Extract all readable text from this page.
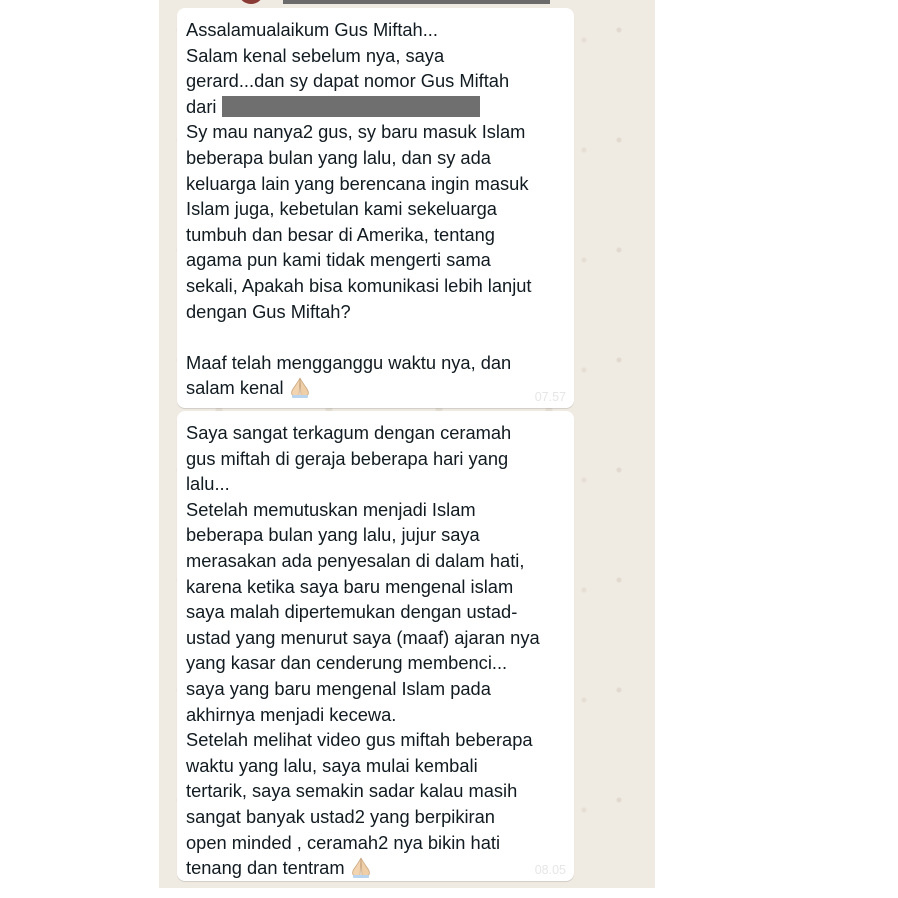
Assalamualaikum Gus Miftah...
Salam kenal sebelum nya, saya
gerard...dan sy dapat nomor Gus Miftah
dari
Sy mau nanya2 gus, sy baru masuk Islam
beberapa bulan yang lalu, dan sy ada
keluarga lain yang berencana ingin masuk
Islam juga, kebetulan kami sekeluarga
tumbuh dan besar di Amerika, tentang
agama pun kami tidak mengerti sama
sekali, Apakah bisa komunikasi lebih lanjut
dengan Gus Miftah?

Maaf telah mengganggu waktu nya, dan
salam kenal	07.57

Saya sangat terkagum dengan ceramah
gus miftah di geraja beberapa hari yang
lalu...
Setelah memutuskan menjadi Islam
beberapa bulan yang lalu, jujur saya
merasakan ada penyesalan di dalam hati,
karena ketika saya baru mengenal islam
saya malah dipertemukan dengan ustad-
ustad yang menurut saya (maaf) ajaran nya
yang kasar dan cenderung membenci...
saya yang baru mengenal Islam pada
akhirnya menjadi kecewa.
Setelah melihat video gus miftah beberapa
waktu yang lalu, saya mulai kembali
tertarik, saya semakin sadar kalau masih
sangat banyak ustad2 yang berpikiran
open minded , ceramah2 nya bikin hati
tenang dan tentram	08.05
